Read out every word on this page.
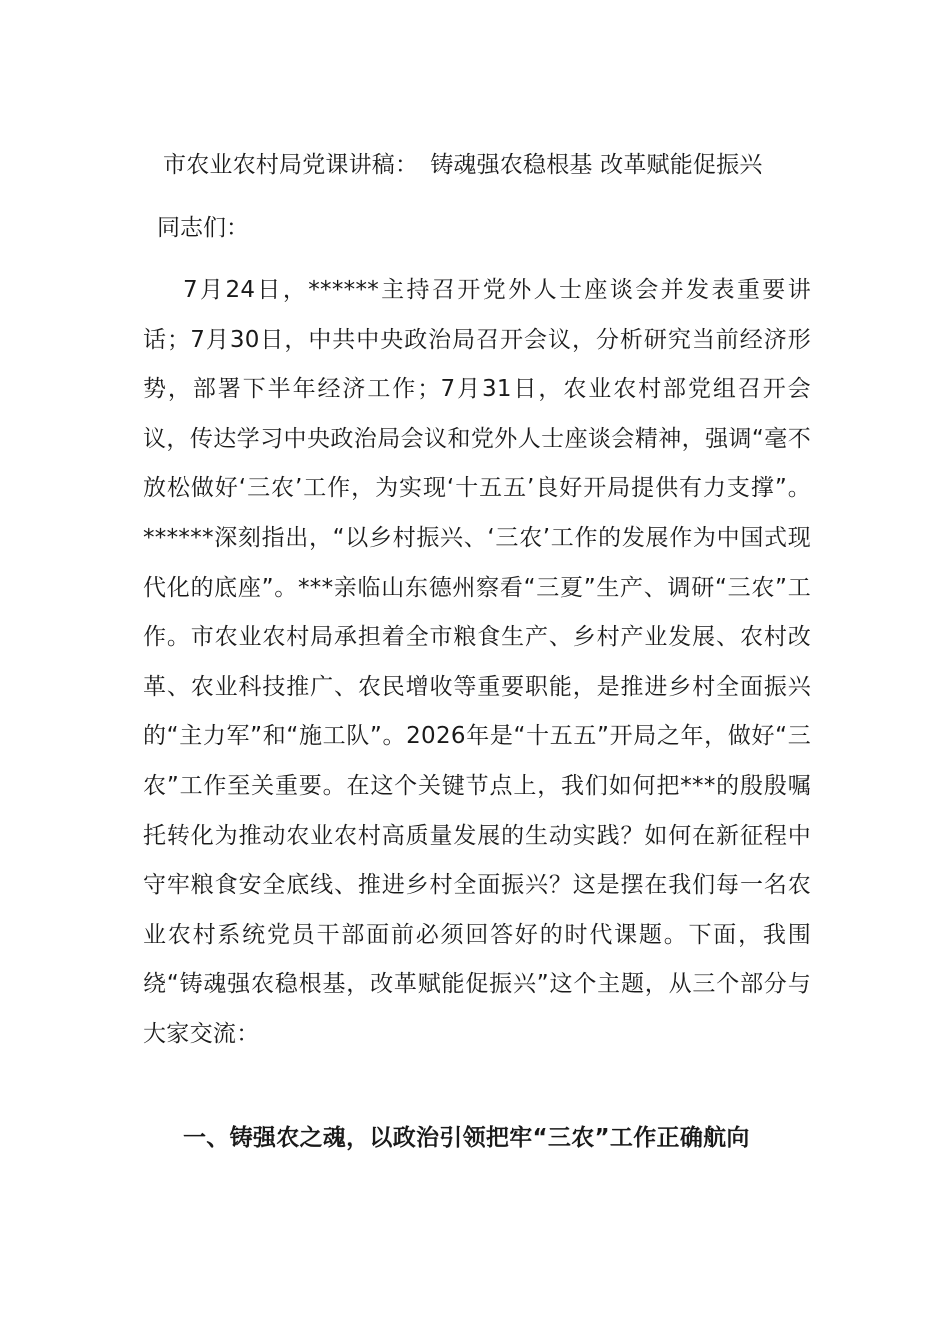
市农业农村局党课讲稿： 铸魂强农稳根基 改革赋能促振兴
同志们：

7月24日，******主持召开党外人士座谈会并发表重要讲话；7月30日，中共中央政治局召开会议，分析研究当前经济形势，部署下半年经济工作；7月31日，农业农村部党组召开会议，传达学习中央政治局会议和党外人士座谈会精神，强调“毫不放松做好‘三农’工作，为实现‘十五五’良好开局提供有力支撑”。******深刻指出，“以乡村振兴、‘三农’工作的发展作为中国式现代化的底座”。***亲临山东德州察看“三夏”生产、调研“三农”工作。市农业农村局承担着全市粮食生产、乡村产业发展、农村改革、农业科技推广、农民增收等重要职能，是推进乡村全面振兴的“主力军”和“施工队”。2026年是“十五五”开局之年，做好“三农”工作至关重要。在这个关键节点上，我们如何把***的殷殷嘱托转化为推动农业农村高质量发展的生动实践？如何在新征程中守牢粮食安全底线、推进乡村全面振兴？这是摆在我们每一名农业农村系统党员干部面前必须回答好的时代课题。下面，我围绕“铸魂强农稳根基，改革赋能促振兴”这个主题，从三个部分与大家交流：

一、铸强农之魂，以政治引领把牢“三农”工作正确航向
